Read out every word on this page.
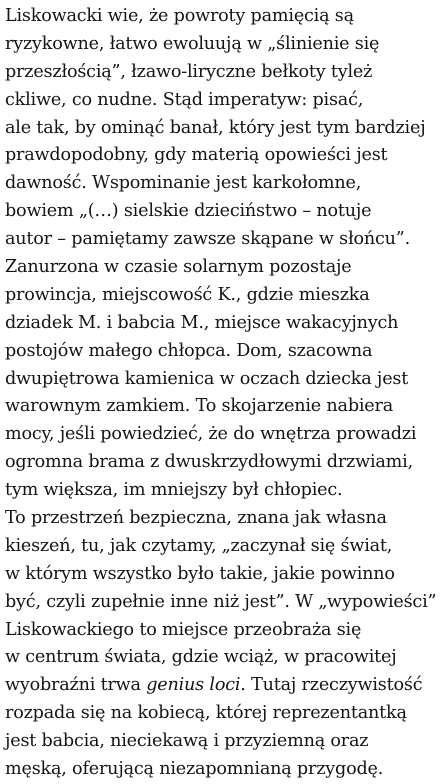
Liskowacki wie, że powroty pamięcią są
ryzykowne, łatwo ewoluują w „ślinienie się
przeszłością”, łzawo-liryczne bełkoty tyleż
ckliwe, co nudne. Stąd imperatyw: pisać,
ale tak, by ominąć banał, który jest tym bardziej
prawdopodobny, gdy materią opowieści jest
dawność. Wspominanie jest karkołomne,
bowiem „(…) sielskie dzieciństwo – notuje
autor – pamiętamy zawsze skąpane w słońcu”.
Zanurzona w czasie solarnym pozostaje
prowincja, miejscowość K., gdzie mieszka
dziadek M. i babcia M., miejsce wakacyjnych
postojów małego chłopca. Dom, szacowna
dwupiętrowa kamienica w oczach dziecka jest
warownym zamkiem. To skojarzenie nabiera
mocy, jeśli powiedzieć, że do wnętrza prowadzi
ogromna brama z dwuskrzydłowymi drzwiami,
tym większa, im mniejszy był chłopiec.
To przestrzeń bezpieczna, znana jak własna
kieszeń, tu, jak czytamy, „zaczynał się świat,
w którym wszystko było takie, jakie powinno
być, czyli zupełnie inne niż jest”. W „wypowieści”
Liskowackiego to miejsce przeobraża się
w centrum świata, gdzie wciąż, w pracowitej
wyobraźni trwa genius loci. Tutaj rzeczywistość
rozpada się na kobiecą, której reprezentantką
jest babcia, nieciekawą i przyziemną oraz
męską, oferującą niezapomnianą przygodę.
